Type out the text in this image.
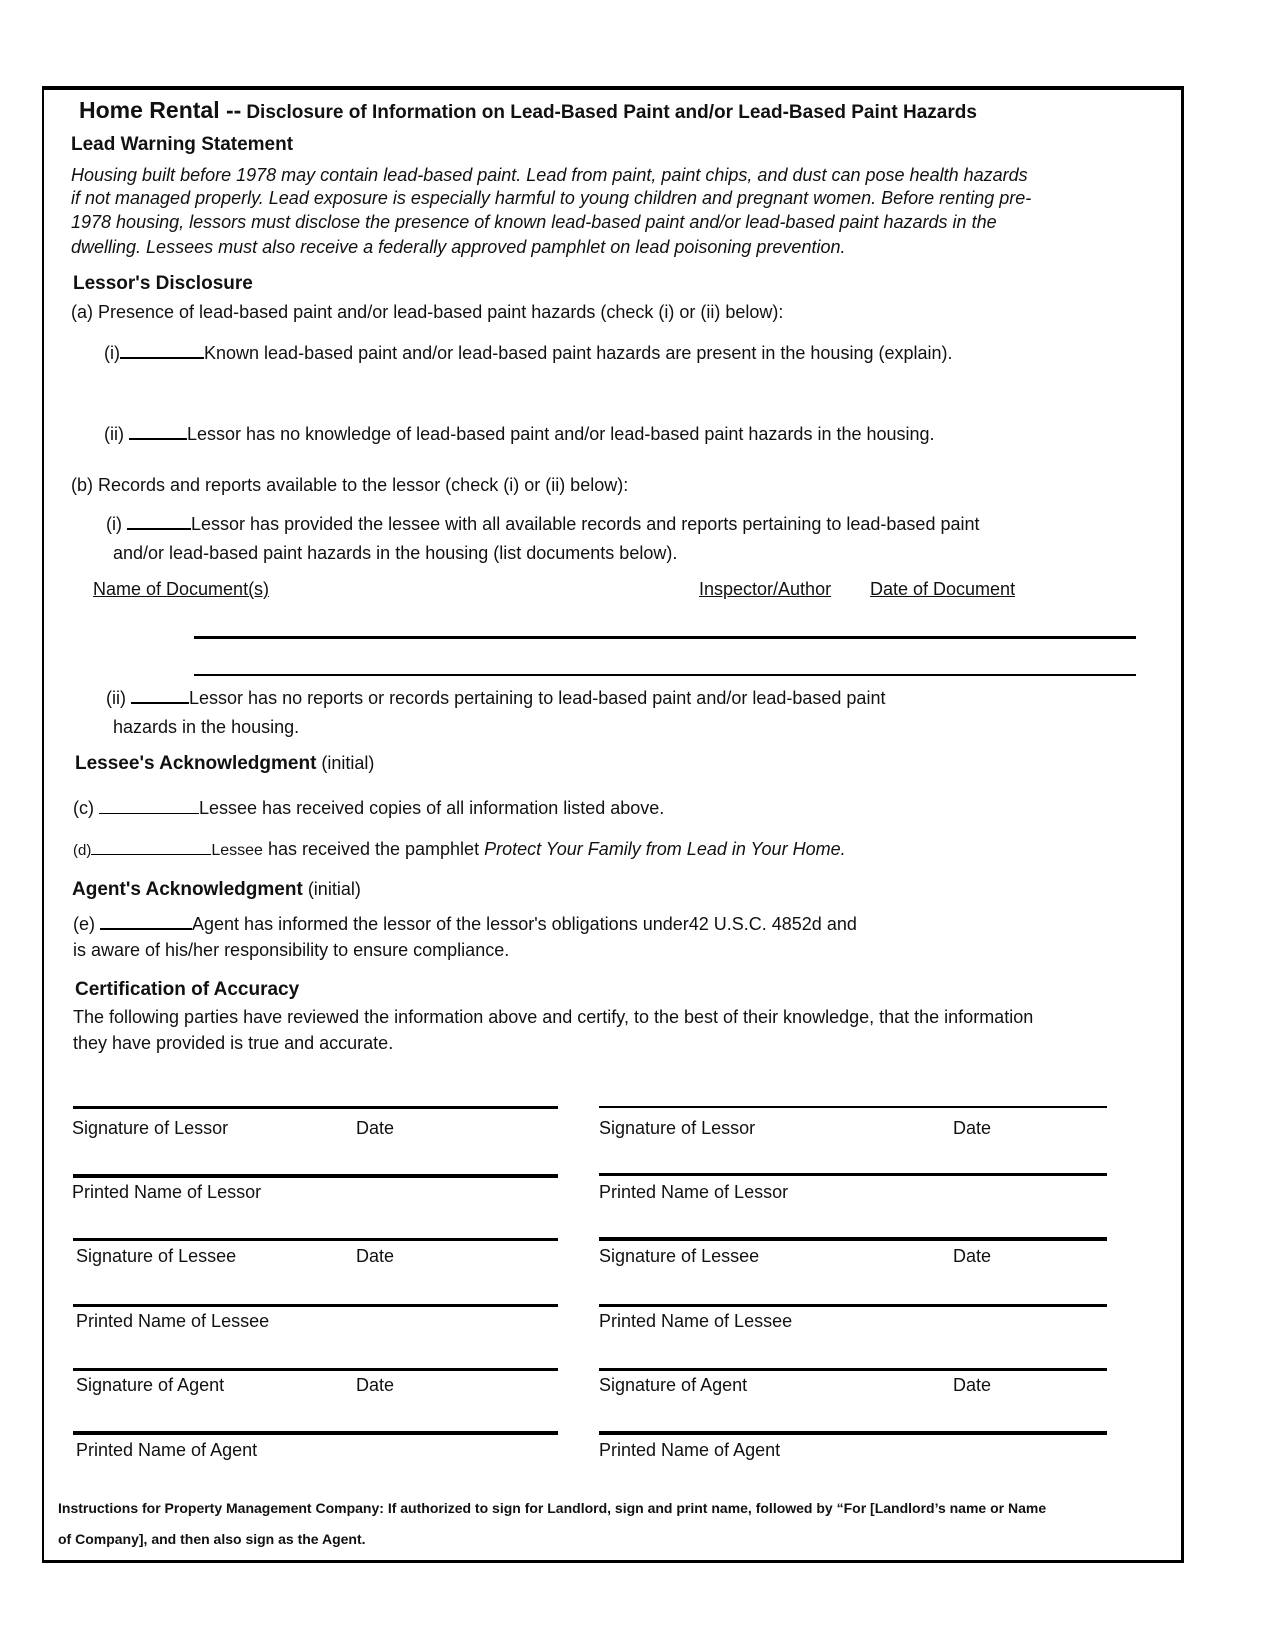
Home Rental -- Disclosure of Information on Lead-Based Paint and/or Lead-Based Paint Hazards
Lead Warning Statement
Housing built before 1978 may contain lead-based paint. Lead from paint, paint chips, and dust can pose health hazards
if not managed properly. Lead exposure is especially harmful to young children and pregnant women. Before renting pre-
1978 housing, lessors must disclose the presence of known lead-based paint and/or lead-based paint hazards in the
dwelling. Lessees must also receive a federally approved pamphlet on lead poisoning prevention.
Lessor's Disclosure
(a) Presence of lead-based paint and/or lead-based paint hazards (check (i) or (ii) below):
(i)	Known lead-based paint and/or lead-based paint hazards are present in the housing (explain).
(ii)	Lessor has no knowledge of lead-based paint and/or lead-based paint hazards in the housing.
(b) Records and reports available to the lessor (check (i) or (ii) below):
(i)	Lessor has provided the lessee with all available records and reports pertaining to lead-based paint
and/or lead-based paint hazards in the housing (list documents below).
Name of Document(s)	Inspector/Author Date of Document
(ii)	Lessor has no reports or records pertaining to lead-based paint and/or lead-based paint
hazards in the housing.
Lessee's Acknowledgment (initial)
(c)	Lessee has received copies of all information listed above.
(d)	Lessee has received the pamphlet Protect Your Family from Lead in Your Home.
Agent's Acknowledgment (initial)
(e)	Agent has informed the lessor of the lessor's obligations under42 U.S.C. 4852d and
is aware of his/her responsibility to ensure compliance.
Certification of Accuracy
The following parties have reviewed the information above and certify, to the best of their knowledge, that the information
they have provided is true and accurate.
Signature of Lessor	Date
Printed Name of Lessor
Signature of Lessee	Date
Printed Name of Lessee
Signature of Agent	Date
Printed Name of Agent
Signature of Lessor	Date
Printed Name of Lessor
Signature of Lessee	Date
Printed Name of Lessee
Signature of Agent	Date
Printed Name of Agent
Instructions for Property Management Company: If authorized to sign for Landlord, sign and print name, followed by “For [Landlord’s name or Name
of Company], and then also sign as the Agent.
